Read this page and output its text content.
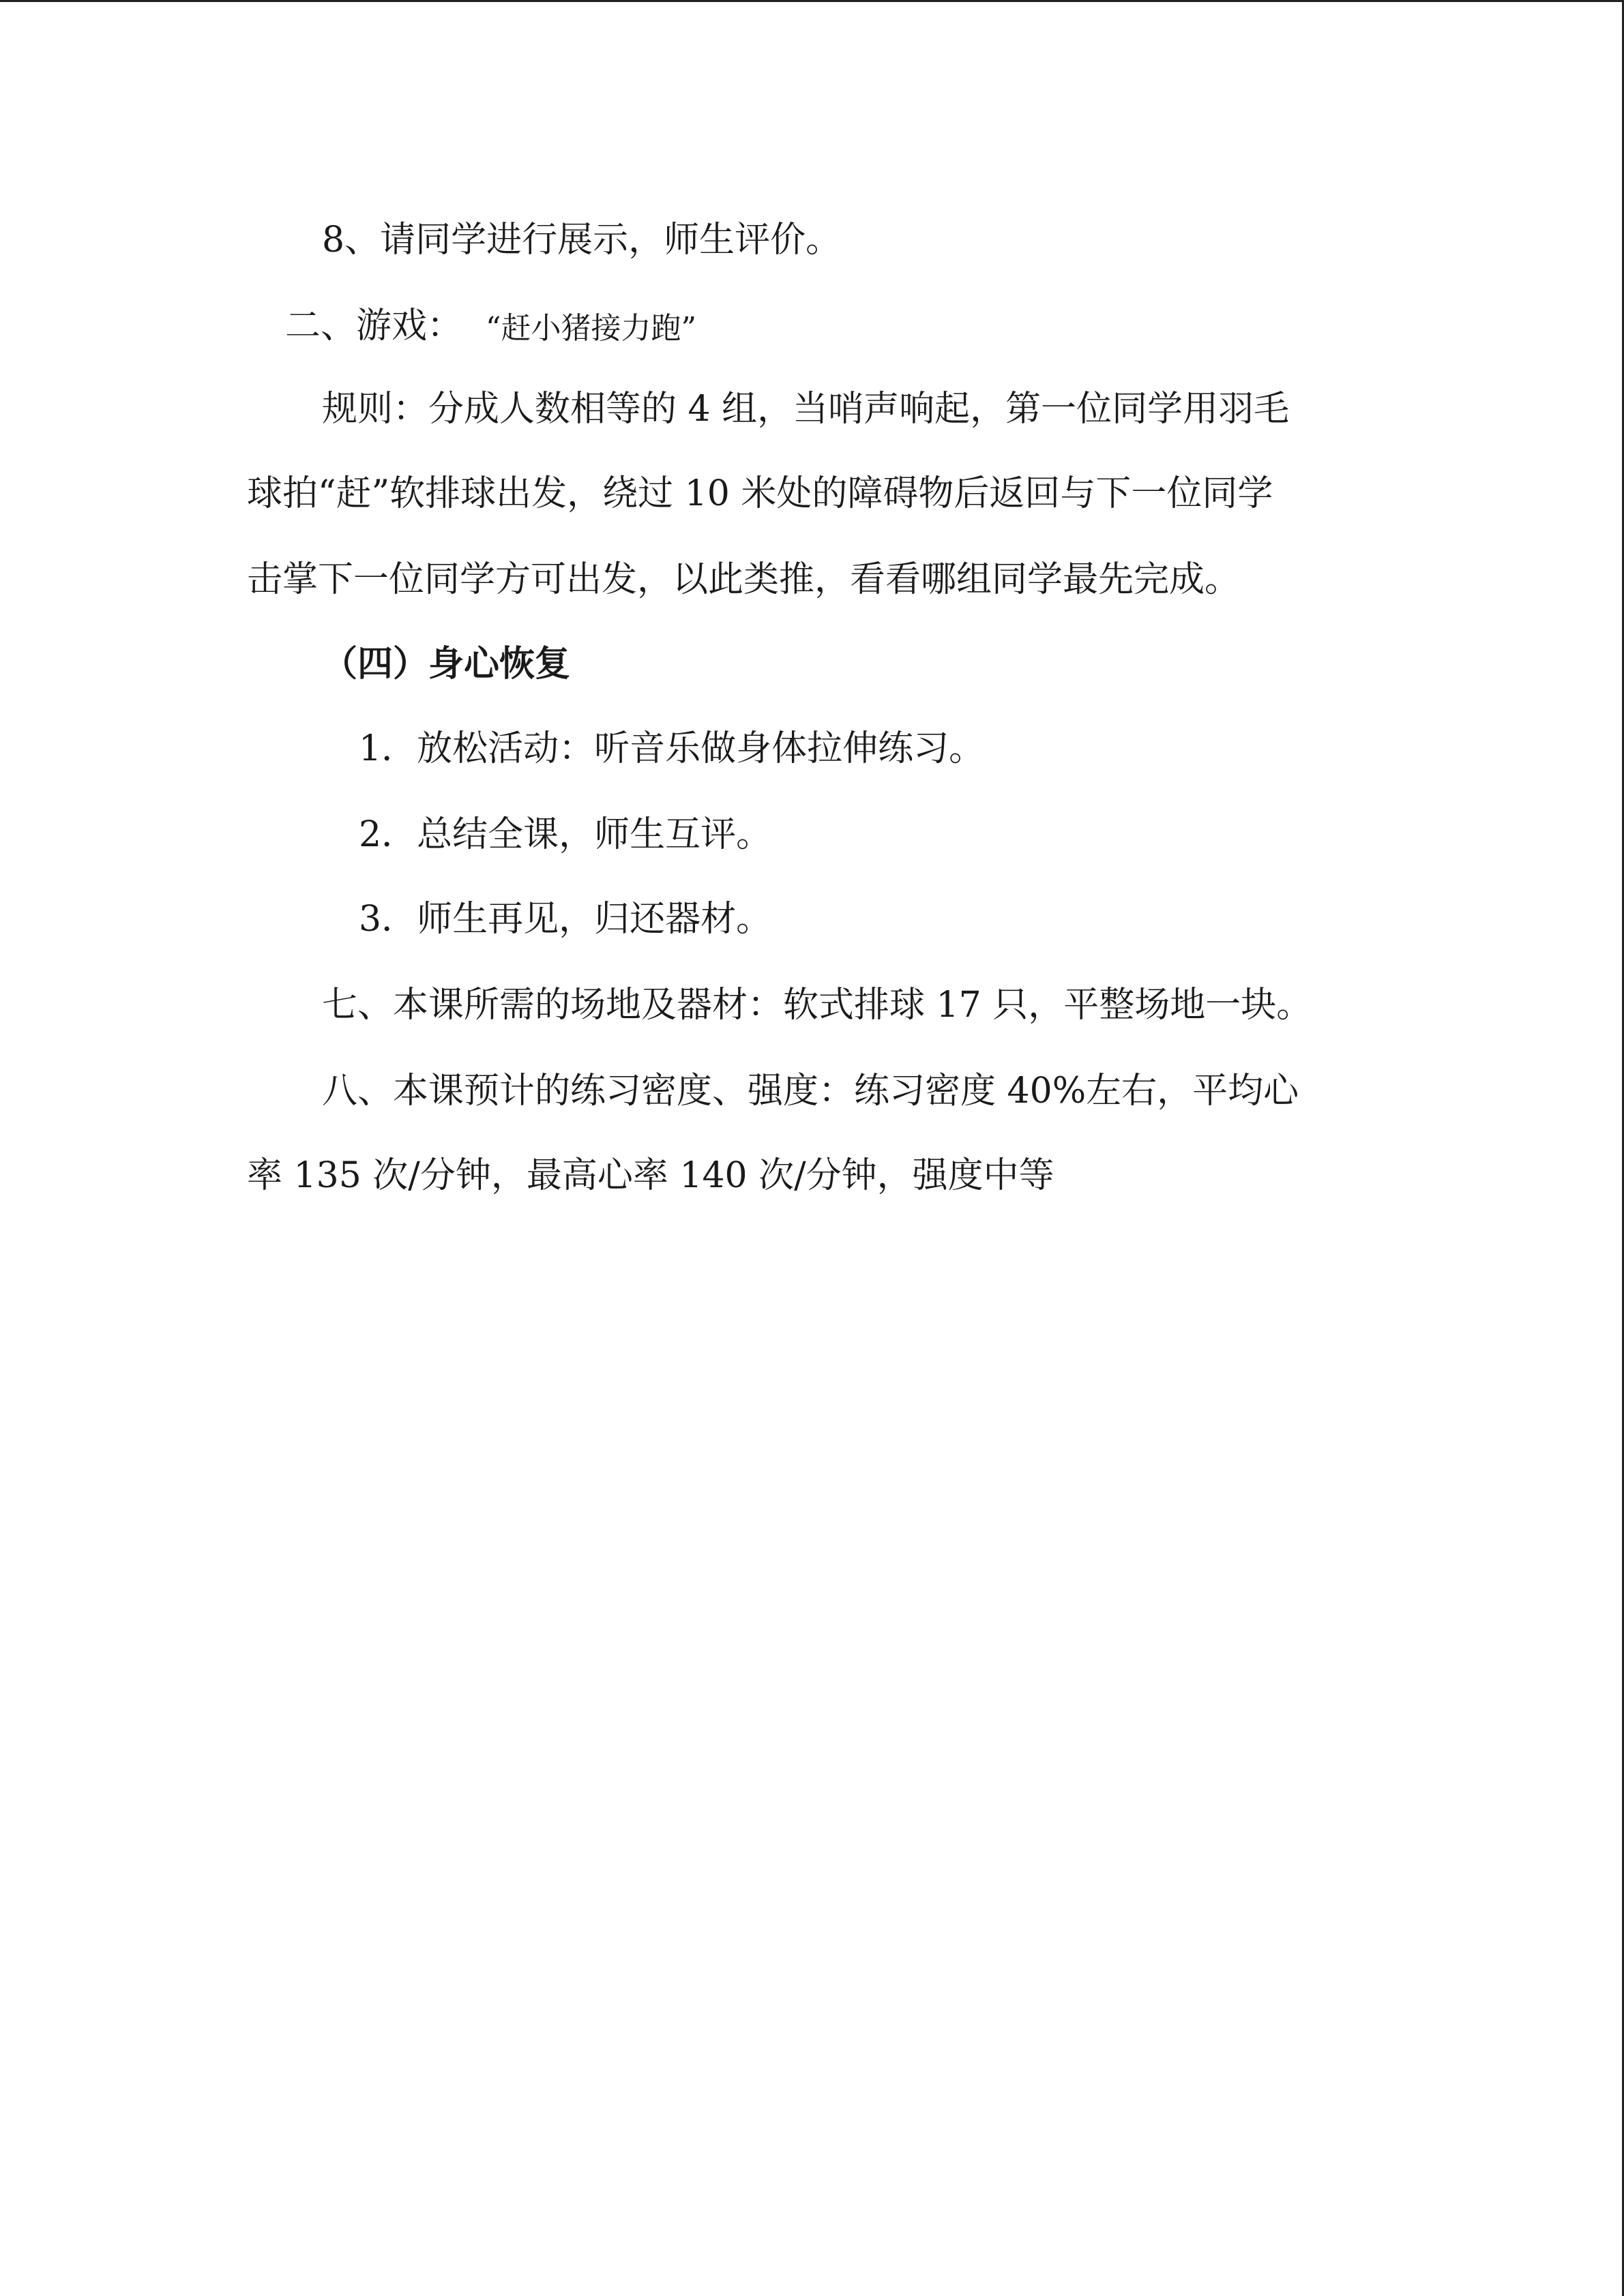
8、请同学进行展示，师生评价。
二、游戏： “赶小猪接力跑”
规则：分成人数相等的 4 组，当哨声响起，第一位同学用羽毛
球拍“赶”软排球出发，绕过 10 米处的障碍物后返回与下一位同学
击掌下一位同学方可出发，以此类推，看看哪组同学最先完成。
（四）身心恢复
1．放松活动：听音乐做身体拉伸练习。
2．总结全课，师生互评。
3．师生再见，归还器材。
七、本课所需的场地及器材：软式排球 17 只，平整场地一块。
八、本课预计的练习密度、强度：练习密度 40%左右，平均心
率 135 次/分钟，最高心率 140 次/分钟，强度中等
